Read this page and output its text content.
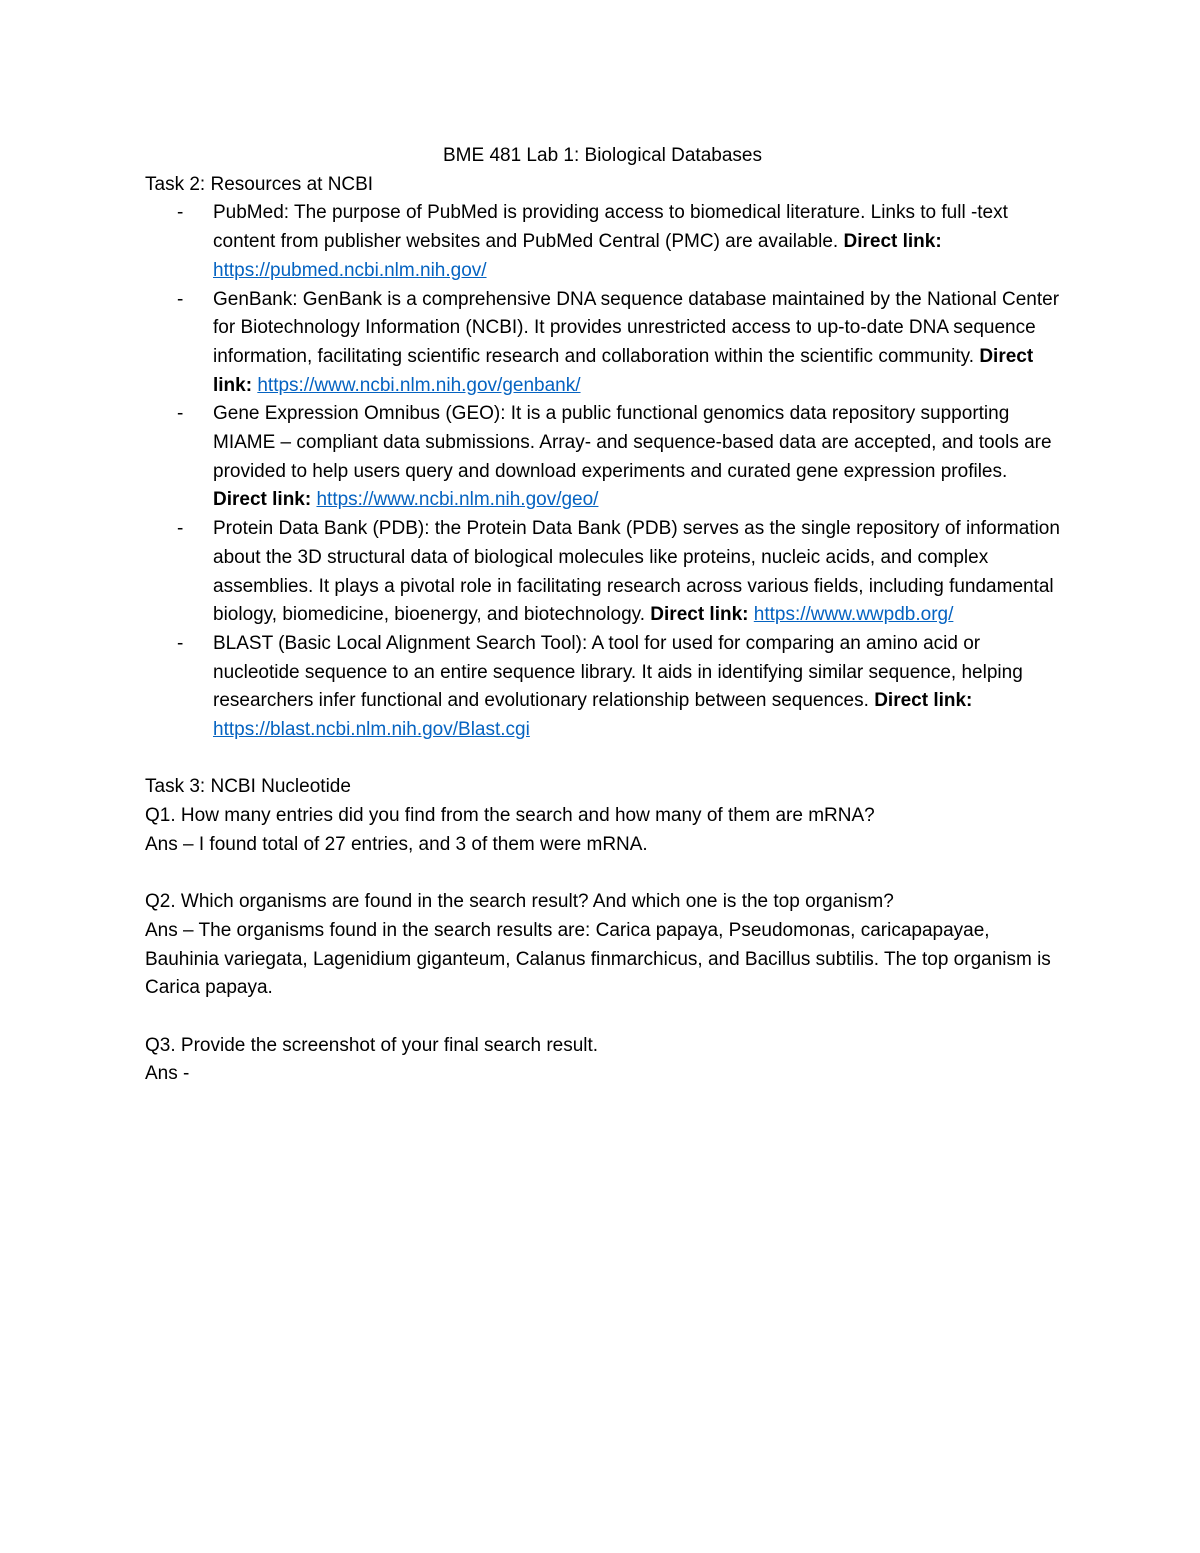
BME 481 Lab 1: Biological Databases

Task 2: Resources at NCBI

- PubMed: The purpose of PubMed is providing access to biomedical literature. Links to full -text content from publisher websites and PubMed Central (PMC) are available. Direct link: https://pubmed.ncbi.nlm.nih.gov/
- GenBank: GenBank is a comprehensive DNA sequence database maintained by the National Center for Biotechnology Information (NCBI). It provides unrestricted access to up-to-date DNA sequence information, facilitating scientific research and collaboration within the scientific community. Direct link: https://www.ncbi.nlm.nih.gov/genbank/
- Gene Expression Omnibus (GEO): It is a public functional genomics data repository supporting MIAME – compliant data submissions. Array- and sequence-based data are accepted, and tools are provided to help users query and download experiments and curated gene expression profiles. Direct link: https://www.ncbi.nlm.nih.gov/geo/
- Protein Data Bank (PDB): the Protein Data Bank (PDB) serves as the single repository of information about the 3D structural data of biological molecules like proteins, nucleic acids, and complex assemblies. It plays a pivotal role in facilitating research across various fields, including fundamental biology, biomedicine, bioenergy, and biotechnology. Direct link: https://www.wwpdb.org/
- BLAST (Basic Local Alignment Search Tool): A tool for used for comparing an amino acid or nucleotide sequence to an entire sequence library. It aids in identifying similar sequence, helping researchers infer functional and evolutionary relationship between sequences. Direct link: https://blast.ncbi.nlm.nih.gov/Blast.cgi

Task 3: NCBI Nucleotide

Q1. How many entries did you find from the search and how many of them are mRNA?

Ans – I found total of 27 entries, and 3 of them were mRNA.

Q2. Which organisms are found in the search result? And which one is the top organism?

Ans – The organisms found in the search results are: Carica papaya, Pseudomonas, caricapapayae, Bauhinia variegata, Lagenidium giganteum, Calanus finmarchicus, and Bacillus subtilis. The top organism is Carica papaya.

Q3. Provide the screenshot of your final search result.

Ans -
